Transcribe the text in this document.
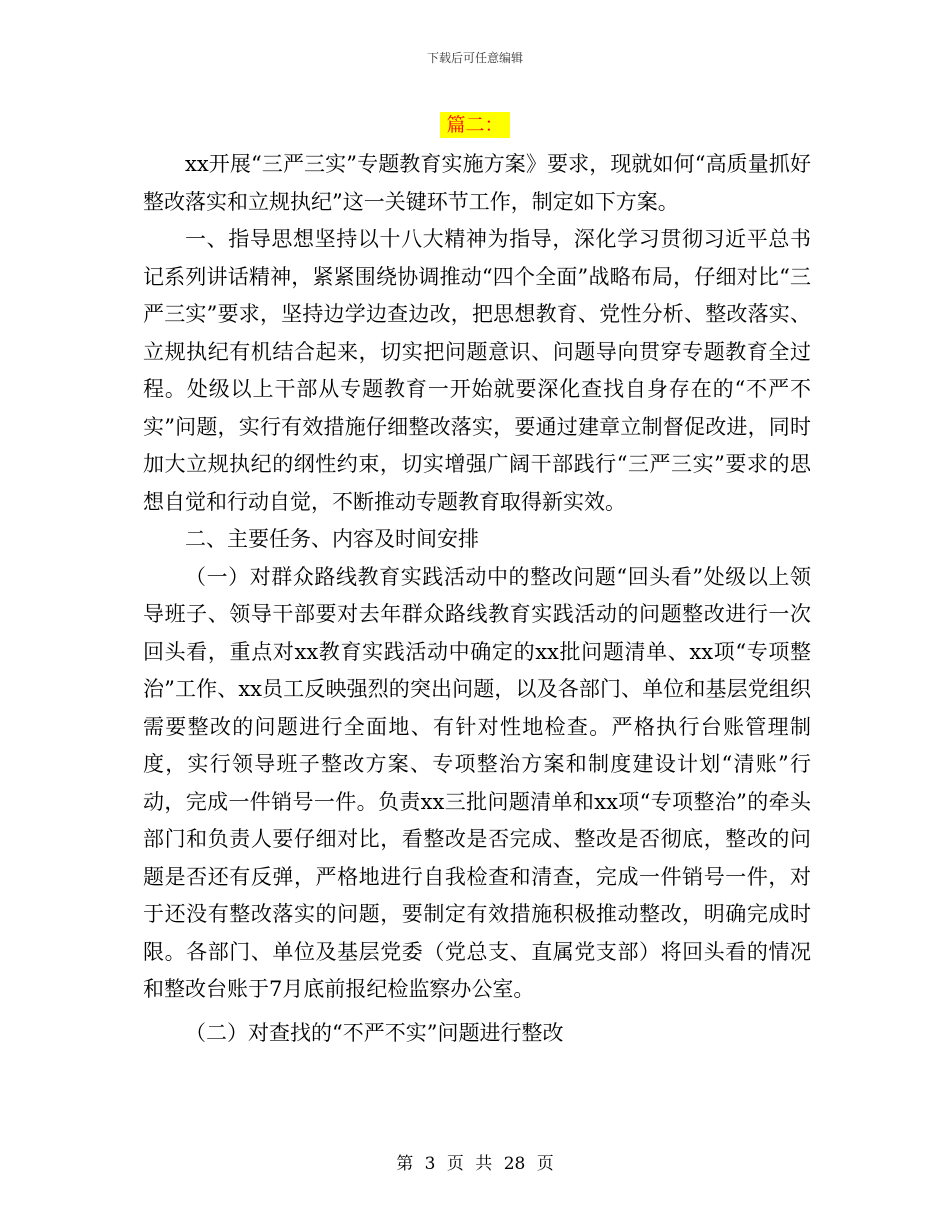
下载后可任意编辑
篇二：

xx开展“三严三实”专题教育实施方案》要求，现就如何“高质量抓好整改落实和立规执纪”这一关键环节工作，制定如下方案。

一、指导思想坚持以十八大精神为指导，深化学习贯彻习近平总书记系列讲话精神，紧紧围绕协调推动“四个全面”战略布局，仔细对比“三严三实”要求，坚持边学边查边改，把思想教育、党性分析、整改落实、立规执纪有机结合起来，切实把问题意识、问题导向贯穿专题教育全过程。处级以上干部从专题教育一开始就要深化查找自身存在的“不严不实”问题，实行有效措施仔细整改落实，要通过建章立制督促改进，同时加大立规执纪的纲性约束，切实增强广阔干部践行“三严三实”要求的思想自觉和行动自觉，不断推动专题教育取得新实效。

二、主要任务、内容及时间安排

（一）对群众路线教育实践活动中的整改问题“回头看”处级以上领导班子、领导干部要对去年群众路线教育实践活动的问题整改进行一次回头看，重点对xx教育实践活动中确定的xx批问题清单、xx项“专项整治”工作、xx员工反映强烈的突出问题，以及各部门、单位和基层党组织需要整改的问题进行全面地、有针对性地检查。严格执行台账管理制度，实行领导班子整改方案、专项整治方案和制度建设计划“清账”行动，完成一件销号一件。负责xx三批问题清单和xx项“专项整治”的牵头部门和负责人要仔细对比，看整改是否完成、整改是否彻底，整改的问题是否还有反弹，严格地进行自我检查和清查，完成一件销号一件，对于还没有整改落实的问题，要制定有效措施积极推动整改，明确完成时限。各部门、单位及基层党委（党总支、直属党支部）将回头看的情况和整改台账于7月底前报纪检监察办公室。

（二）对查找的“不严不实”问题进行整改

第 3 页 共 28 页
